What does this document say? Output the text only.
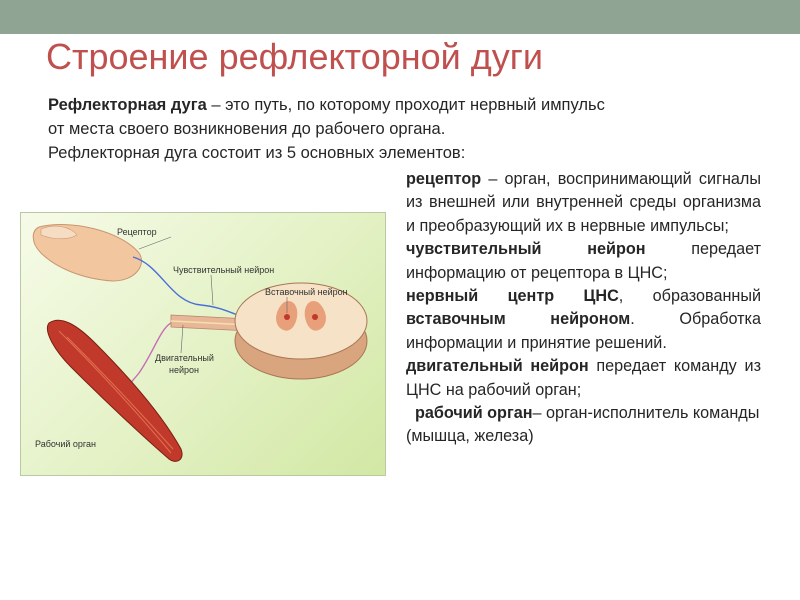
Строение рефлекторной дуги
Рефлекторная дуга – это путь, по которому проходит нервный импульс
от места своего возникновения до рабочего органа.
Рефлекторная дуга состоит из 5 основных элементов:
Рецептор
Чувствительный нейрон
Вставочный нейрон
Двигательный
нейрон
Рабочий орган

рецептор – орган, воспринимающий сигналы из внешней или внутренней среды организма и преобразующий их в нервные импульсы;

чувствительный нейрон передает информацию от рецептора в ЦНС;

нервный центр ЦНС, образованный вставочным нейроном. Обработка информации и принятие решений.

двигательный нейрон передает команду из ЦНС на рабочий орган;

рабочий орган– орган-исполнитель команды (мышца, железа)
